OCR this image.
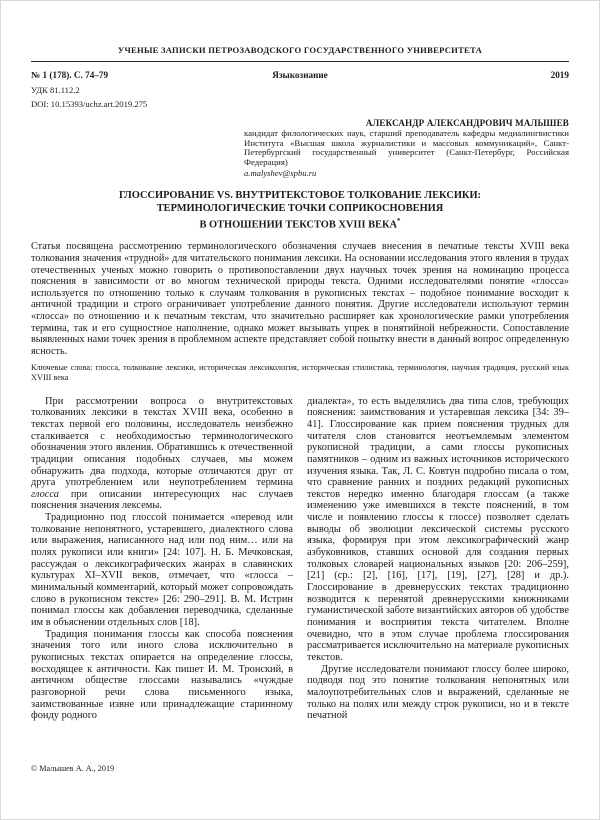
УЧЕНЫЕ ЗАПИСКИ ПЕТРОЗАВОДСКОГО ГОСУДАРСТВЕННОГО УНИВЕРСИТЕТА
№ 1 (178). С. 74–79	Языкознание	2019
УДК 81.112.2
DOI: 10.15393/uchz.art.2019.275
АЛЕКСАНДР АЛЕКСАНДРОВИЧ МАЛЫШЕВ
кандидат филологических наук, старший преподаватель кафедры медиалингвистики Института «Высшая школа журналистики и массовых коммуникаций», Санкт-Петербургский государственный университет (Санкт-Петербург, Российская Федерация)
a.malyshev@spbu.ru
ГЛОССИРОВАНИЕ VS. ВНУТРИТЕКСТОВОЕ ТОЛКОВАНИЕ ЛЕКСИКИ:
ТЕРМИНОЛОГИЧЕСКИЕ ТОЧКИ СОПРИКОСНОВЕНИЯ
В ОТНОШЕНИИ ТЕКСТОВ XVIII ВЕКА*
Статья посвящена рассмотрению терминологического обозначения случаев внесения в печатные тексты XVIII века толкования значения «трудной» для читательского понимания лексики. На основании исследования этого явления в трудах отечественных ученых можно говорить о противопоставлении двух научных точек зрения на номинацию процесса пояснения в зависимости от во многом технической природы текста. Одними исследователями понятие «глосса» используется по отношению только к случаям толкования в рукописных текстах – подобное понимание восходит к античной традиции и строго ограничивает употребление данного понятия. Другие исследователи используют термин «глосса» по отношению и к печатным текстам, что значительно расширяет как хронологические рамки употребления термина, так и его сущностное наполнение, однако может вызывать упрек в понятийной небрежности. Сопоставление выявленных нами точек зрения в проблемном аспекте представляет собой попытку внести в данный вопрос определенную ясность.
Ключевые слова: глосса, толкование лексики, историческая лексикология, историческая стилистика, терминология, научная традиция, русский язык XVIII века

При рассмотрении вопроса о внутритекстовых толкованиях лексики в текстах XVIII века, особенно в текстах первой его половины, исследователь неизбежно сталкивается с необходимостью терминологического обозначения этого явления. Обратившись к отечественной традиции описания подобных случаев, мы можем обнаружить два подхода, которые отличаются друг от друга употреблением или неупотреблением термина глосса при описании интересующих нас случаев пояснения значения лексемы.

Традиционно под глоссой понимается «перевод или толкование непонятного, устаревшего, диалектного слова или выражения, написанного над или под ним… или на полях рукописи или книги» [24: 107]. Н. Б. Мечковская, рассуждая о лексикографических жанрах в славянских культурах XI–XVII веков, отмечает, что «глосса – минимальный комментарий, который может сопровождать слово в рукописном тексте» [26: 290–291]. В. М. Истрин понимал глоссы как добавления переводчика, сделанные им в объяснении отдельных слов [18].

Традиция понимания глоссы как способа пояснения значения того или иного слова исключительно в рукописных текстах опирается на определение глоссы, восходящее к античности. Как пишет И. М. Тронский, в античном обществе глоссами назывались «чуждые разговорной речи слова письменного языка, заимствованные извне или принадлежащие старинному фонду родного

диалекта», то есть выделялись два типа слов, требующих пояснения: заимствования и устаревшая лексика [34: 39–41]. Глоссирование как прием пояснения трудных для читателя слов становится неотъемлемым элементом рукописной традиции, а сами глоссы рукописных памятников – одним из важных источников исторического изучения языка. Так, Л. С. Ковтун подробно писала о том, что сравнение ранних и поздних редакций рукописных текстов нередко именно благодаря глоссам (а также изменению уже имевшихся в тексте пояснений, в том числе и появлению глоссы к глоссе) позволяет сделать выводы об эволюции лексической системы русского языка, формируя при этом лексикографический жанр азбуковников, ставших основой для создания первых толковых словарей национальных языков [20: 206–259], [21] (ср.: [2], [16], [17], [19], [27], [28] и др.). Глоссирование в древнерусских текстах традиционно возводится к перенятой древнерусскими книжниками гуманистической заботе византийских авторов об удобстве понимания и восприятия текста читателем. Вполне очевидно, что в этом случае проблема глоссирования рассматривается исключительно на материале рукописных текстов.

Другие исследователи понимают глоссу более широко, подводя под это понятие толкования непонятных или малоупотребительных слов и выражений, сделанные не только на полях или между строк рукописи, но и в тексте печатной

© Малышев А. А., 2019
